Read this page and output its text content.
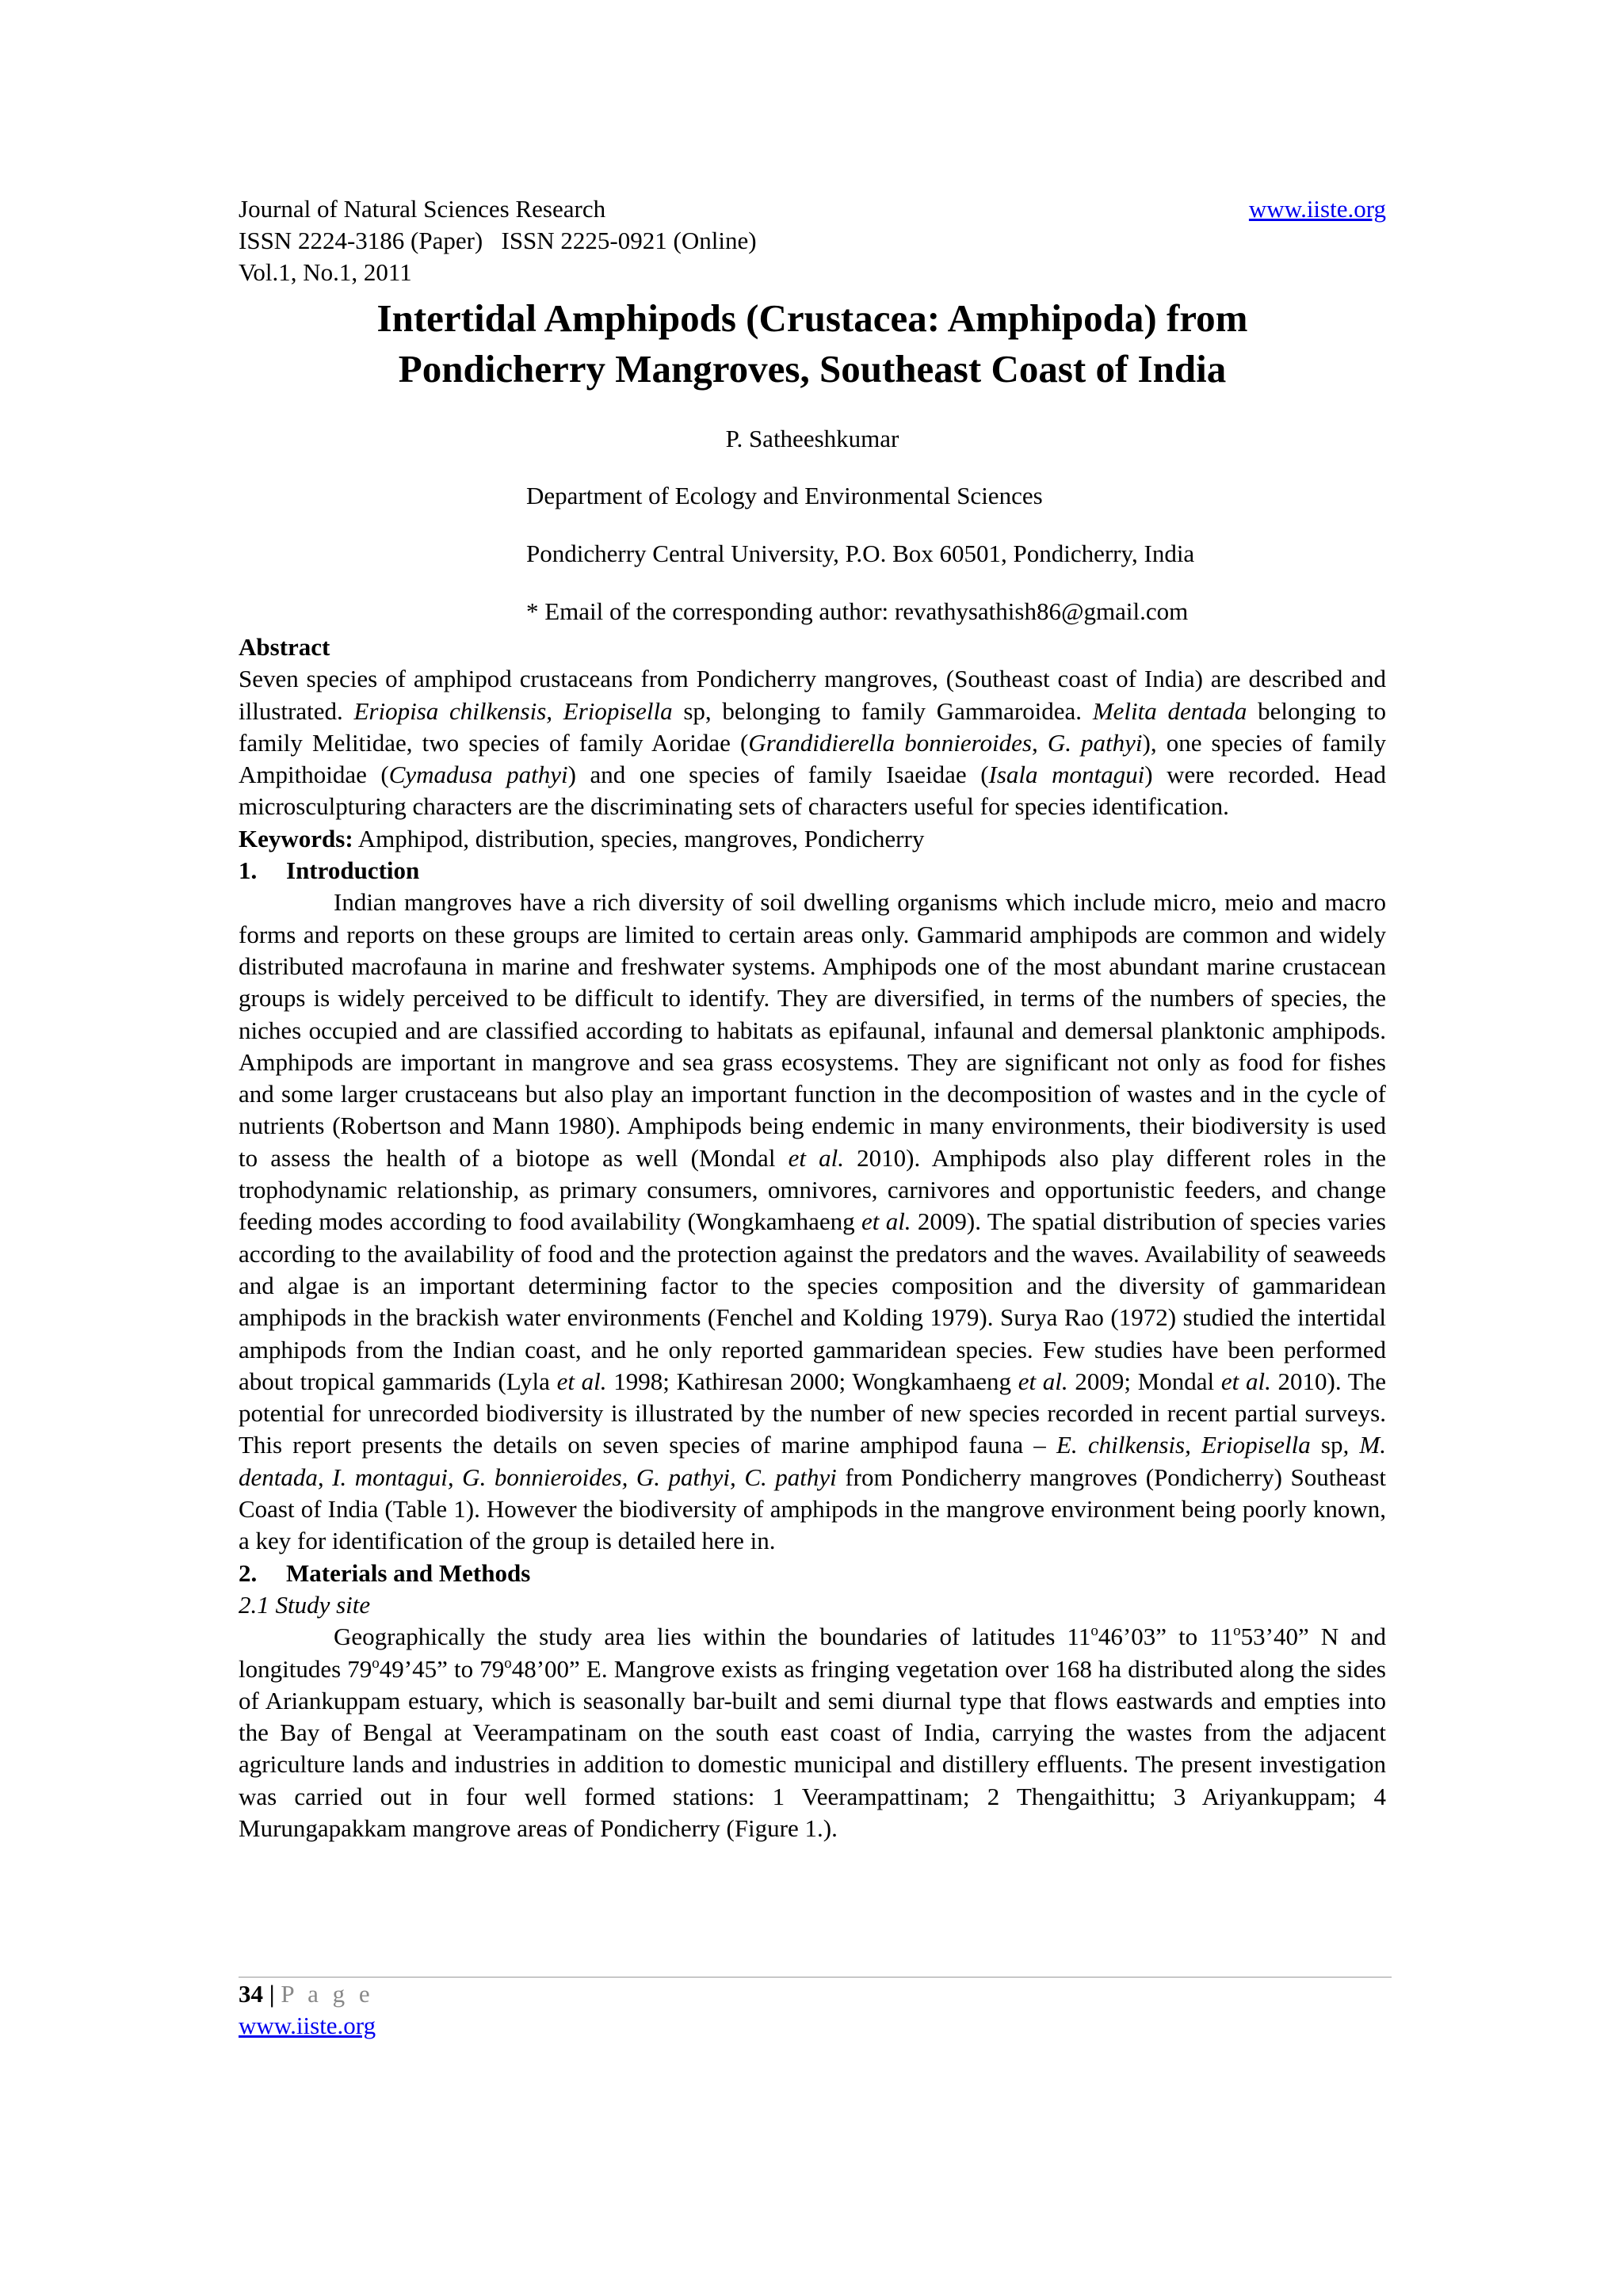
Journal of Natural Sciences Research	www.iiste.org
ISSN 2224-3186 (Paper)   ISSN 2225-0921 (Online)
Vol.1, No.1, 2011
Intertidal Amphipods (Crustacea: Amphipoda) from
Pondicherry Mangroves, Southeast Coast of India
P. Satheeshkumar
Department of Ecology and Environmental Sciences
Pondicherry Central University, P.O. Box 60501, Pondicherry, India
* Email of the corresponding author: revathysathish86@gmail.com

Abstract

Seven species of amphipod crustaceans from Pondicherry mangroves, (Southeast coast of India) are described and illustrated. Eriopisa chilkensis, Eriopisella sp, belonging to family Gammaroidea. Melita dentada belonging to family Melitidae, two species of family Aoridae (Grandidierella bonnieroides, G. pathyi), one species of family Ampithoidae (Cymadusa pathyi) and one species of family Isaeidae (Isala montagui) were recorded. Head microsculpturing characters are the discriminating sets of characters useful for species identification.

Keywords: Amphipod, distribution, species, mangroves, Pondicherry

1.	Introduction

Indian mangroves have a rich diversity of soil dwelling organisms which include micro, meio and macro forms and reports on these groups are limited to certain areas only. Gammarid amphipods are common and widely distributed macrofauna in marine and freshwater systems. Amphipods one of the most abundant marine crustacean groups is widely perceived to be difficult to identify. They are diversified, in terms of the numbers of species, the niches occupied and are classified according to habitats as epifaunal, infaunal and demersal planktonic amphipods. Amphipods are important in mangrove and sea grass ecosystems. They are significant not only as food for fishes and some larger crustaceans but also play an important function in the decomposition of wastes and in the cycle of nutrients (Robertson and Mann 1980). Amphipods being endemic in many environments, their biodiversity is used to assess the health of a biotope as well (Mondal et al. 2010). Amphipods also play different roles in the trophodynamic relationship, as primary consumers, omnivores, carnivores and opportunistic feeders, and change feeding modes according to food availability (Wongkamhaeng et al. 2009). The spatial distribution of species varies according to the availability of food and the protection against the predators and the waves. Availability of seaweeds and algae is an important determining factor to the species composition and the diversity of gammaridean amphipods in the brackish water environments (Fenchel and Kolding 1979). Surya Rao (1972) studied the intertidal amphipods from the Indian coast, and he only reported gammaridean species. Few studies have been performed about tropical gammarids (Lyla et al. 1998; Kathiresan 2000; Wongkamhaeng et al. 2009; Mondal et al. 2010). The potential for unrecorded biodiversity is illustrated by the number of new species recorded in recent partial surveys. This report presents the details on seven species of marine amphipod fauna – E. chilkensis, Eriopisella sp, M. dentada, I. montagui, G. bonnieroides, G. pathyi, C. pathyi from Pondicherry mangroves (Pondicherry) Southeast Coast of India (Table 1). However the biodiversity of amphipods in the mangrove environment being poorly known, a key for identification of the group is detailed here in.

2.	Materials and Methods

2.1 Study site

Geographically the study area lies within the boundaries of latitudes 11$^o$46’03” to 11$^o$53’40” N and longitudes 79$^o$49’45” to 79$^o$48’00” E. Mangrove exists as fringing vegetation over 168 ha distributed along the sides of Ariankuppam estuary, which is seasonally bar-built and semi diurnal type that flows eastwards and empties into the Bay of Bengal at Veerampatinam on the south east coast of India, carrying the wastes from the adjacent agriculture lands and industries in addition to domestic municipal and distillery effluents. The present investigation was carried out in four well formed stations: 1 Veerampattinam; 2 Thengaithittu; 3 Ariyankuppam; 4 Murungapakkam mangrove areas of Pondicherry (Figure 1.).

34 | P a g e
www.iiste.org
